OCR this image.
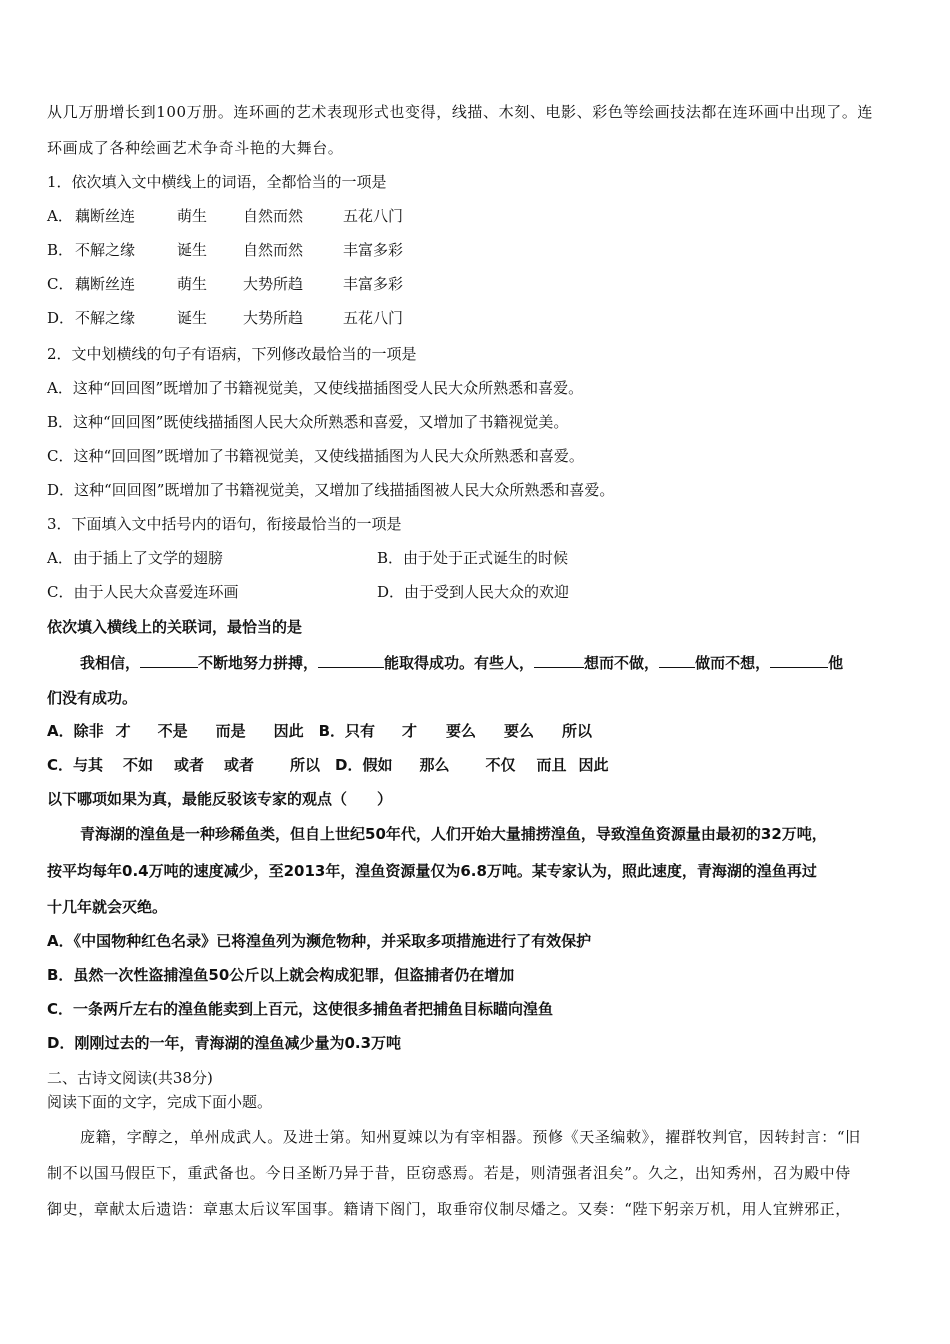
从几万册增长到100万册。连环画的艺术表现形式也变得，线描、木刻、电影、彩色等绘画技法都在连环画中出现了。连
环画成了各种绘画艺术争奇斗艳的大舞台。
1．依次填入文中横线上的词语，全都恰当的一项是
A． 藕断丝连	萌生 自然而然	五花八门
B． 不解之缘	诞生 自然而然	丰富多彩
C． 藕断丝连	萌生 大势所趋	丰富多彩
D．不解之缘	诞生 大势所趋	五花八门
2．文中划横线的句子有语病，下列修改最恰当的一项是
A．这种“回回图”既增加了书籍视觉美，又使线描插图受人民大众所熟悉和喜爱。
B．这种“回回图”既使线描插图人民大众所熟悉和喜爱，又增加了书籍视觉美。
C．这种“回回图”既增加了书籍视觉美，又使线描插图为人民大众所熟悉和喜爱。
D．这种“回回图”既增加了书籍视觉美，又增加了线描插图被人民大众所熟悉和喜爱。
3．下面填入文中括号内的语句，衔接最恰当的一项是
A．由于插上了文学的翅膀	B．由于处于正式诞生的时候
C．由于人民大众喜爱连环画	D．由于受到人民大众的欢迎
依次填入横线上的关联词，最恰当的是
我相信，	不断地努力拼搏，	能取得成功。有些人，	想而不做， 做而不想，	他
们没有成功。
A．除非 才 不是 而是 因此 B．只有 才 要么 要么 所以
C．与其 不如 或者 或者 所以 D．假如 那么 不仅 而且 因此
以下哪项如果为真，最能反驳该专家的观点（　　）
青海湖的湟鱼是一种珍稀鱼类，但自上世纪50年代，人们开始大量捕捞湟鱼，导致湟鱼资源量由最初的32万吨，
按平均每年0.4万吨的速度减少，至2013年，湟鱼资源量仅为6.8万吨。某专家认为，照此速度，青海湖的湟鱼再过
十几年就会灭绝。
A．《中国物种红色名录》已将湟鱼列为濒危物种，并采取多项措施进行了有效保护
B．虽然一次性盗捕湟鱼50公斤以上就会构成犯罪，但盗捕者仍在增加
C．一条两斤左右的湟鱼能卖到上百元，这使很多捕鱼者把捕鱼目标瞄向湟鱼
D．刚刚过去的一年，青海湖的湟鱼减少量为0.3万吨
二、古诗文阅读(共38分)
阅读下面的文字，完成下面小题。
庞籍，字醇之，单州成武人。及进士第。知州夏竦以为有宰相器。预修《天圣编敕》，擢群牧判官，因转封言：“旧
制不以国马假臣下，重武备也。今日圣断乃异于昔，臣窃惑焉。若是，则清强者沮矣”。久之，出知秀州，召为殿中侍
御史，章献太后遗诰：章惠太后议军国事。籍请下阁门，取垂帘仪制尽燔之。又奏：“陛下躬亲万机，用人宜辨邪正，
